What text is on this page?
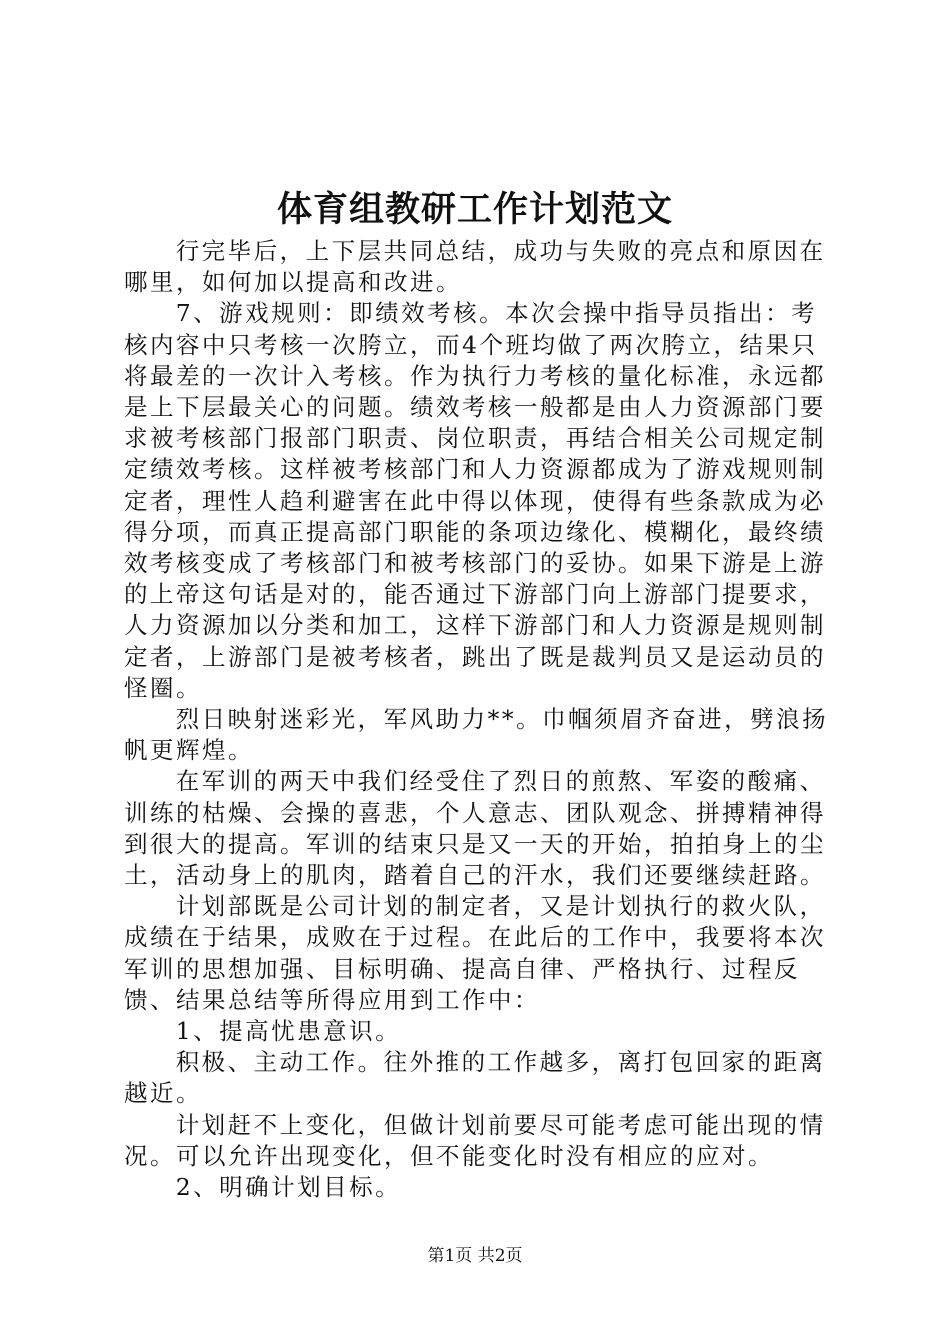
体育组教研工作计划范文

行完毕后，上下层共同总结，成功与失败的亮点和原因在哪里，如何加以提高和改进。

7、游戏规则：即绩效考核。本次会操中指导员指出：考核内容中只考核一次胯立，而4个班均做了两次胯立，结果只将最差的一次计入考核。作为执行力考核的量化标准，永远都是上下层最关心的问题。绩效考核一般都是由人力资源部门要求被考核部门报部门职责、岗位职责，再结合相关公司规定制定绩效考核。这样被考核部门和人力资源都成为了游戏规则制定者，理性人趋利避害在此中得以体现，使得有些条款成为必得分项，而真正提高部门职能的条项边缘化、模糊化，最终绩效考核变成了考核部门和被考核部门的妥协。如果下游是上游的上帝这句话是对的，能否通过下游部门向上游部门提要求，人力资源加以分类和加工，这样下游部门和人力资源是规则制定者，上游部门是被考核者，跳出了既是裁判员又是运动员的怪圈。

烈日映射迷彩光，军风助力**。巾帼须眉齐奋进，劈浪扬帆更辉煌。

在军训的两天中我们经受住了烈日的煎熬、军姿的酸痛、训练的枯燥、会操的喜悲，个人意志、团队观念、拼搏精神得到很大的提高。军训的结束只是又一天的开始，拍拍身上的尘土，活动身上的肌肉，踏着自己的汗水，我们还要继续赶路。

计划部既是公司计划的制定者，又是计划执行的救火队，成绩在于结果，成败在于过程。在此后的工作中，我要将本次军训的思想加强、目标明确、提高自律、严格执行、过程反馈、结果总结等所得应用到工作中：

1、提高忧患意识。

积极、主动工作。往外推的工作越多，离打包回家的距离越近。

计划赶不上变化，但做计划前要尽可能考虑可能出现的情况。可以允许出现变化，但不能变化时没有相应的应对。

2、明确计划目标。

第1页 共2页
